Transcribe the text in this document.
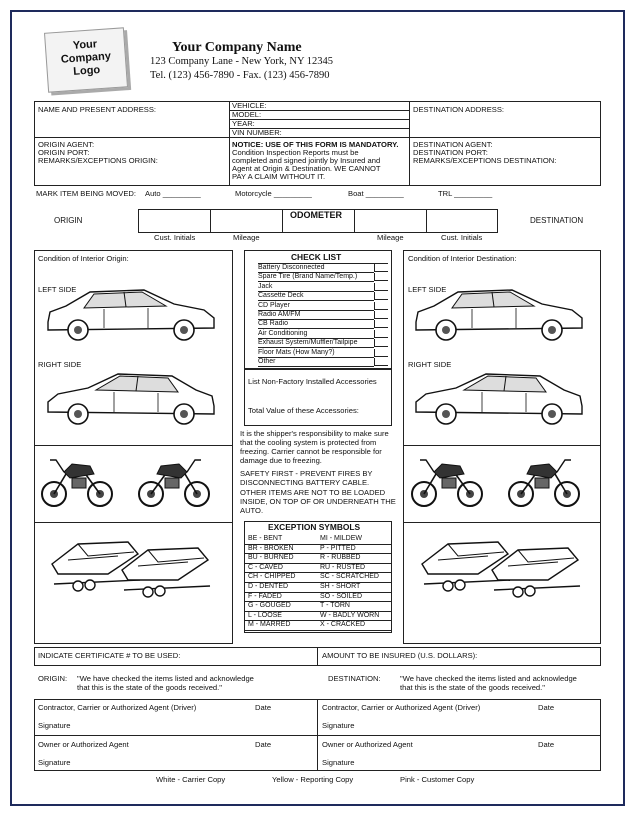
Your
Company
Logo
Your Company Name
123 Company Lane - New York, NY 12345
Tel. (123) 456-7890 - Fax. (123) 456-7890
NAME AND PRESENT ADDRESS:	VEHICLE:
MODEL:
YEAR:
VIN NUMBER:
DESTINATION ADDRESS:
ORIGIN AGENT:
ORIGIN PORT:
REMARKS/EXCEPTIONS ORIGIN:
NOTICE: USE OF THIS FORM IS MANDATORY.
Condition Inspection Reports must be
completed and signed jointly by Insured and
Agent at Origin & Destination. WE CANNOT
PAY A CLAIM WITHOUT IT.
DESTINATION AGENT:
DESTINATION PORT:
REMARKS/EXCEPTIONS DESTINATION:
MARK ITEM BEING MOVED: Auto _________	Motorcycle _________	Boat _________	TRL _________
ORIGIN
ODOMETER
DESTINATION
Cust. Initials	Mileage	Mileage	Cust. Initials
Condition of Interior Origin:
LEFT SIDE
RIGHT SIDE
Condition of Interior Destination:
LEFT SIDE
RIGHT SIDE
CHECK LIST
Battery Disconnected
Spare Tire (Brand Name/Temp.)
Jack
Cassette Deck
CD Player
Radio AM/FM
CB Radio
Air Conditioning
Exhaust System/Muffler/Tailpipe
Floor Mats (How Many?)
Other
List Non-Factory Installed Accessories
Total Value of these Accessories:
It is the shipper's responsibility to make sure
that the cooling system is protected from
freezing. Carrier cannot be responsible for
damage due to freezing.
SAFETY FIRST - PREVENT FIRES BY
DISCONNECTING BATTERY CABLE.
OTHER ITEMS ARE NOT TO BE LOADED
INSIDE, ON TOP OF OR UNDERNEATH THE
AUTO.
EXCEPTION SYMBOLS
BE - BENT	MI - MILDEW
BR - BROKEN	P - PITTED
BU - BURNED	R - RUBBED
C - CAVED	RU - RUSTED
CH - CHIPPED	SC - SCRATCHED
D - DENTED	SH - SHORT
F - FADED	SO - SOILED
G - GOUGED	T - TORN
L - LOOSE	W - BADLY WORN
M - MARRED	X - CRACKED
INDICATE CERTIFICATE # TO BE USED:	AMOUNT TO BE INSURED (U.S. DOLLARS):
ORIGIN: "We have checked the items listed and acknowledge
that this is the state of the goods received."
DESTINATION:	"We have checked the items listed and acknowledge
that this is the state of the goods received."
Contractor, Carrier or Authorized Agent (Driver)	Date
Signature
Contractor, Carrier or Authorized Agent (Driver)	Date
Signature
Owner or Authorized Agent	Date
Signature
Owner or Authorized Agent	Date
Signature
White - Carrier Copy	Yellow - Reporting Copy	Pink - Customer Copy
